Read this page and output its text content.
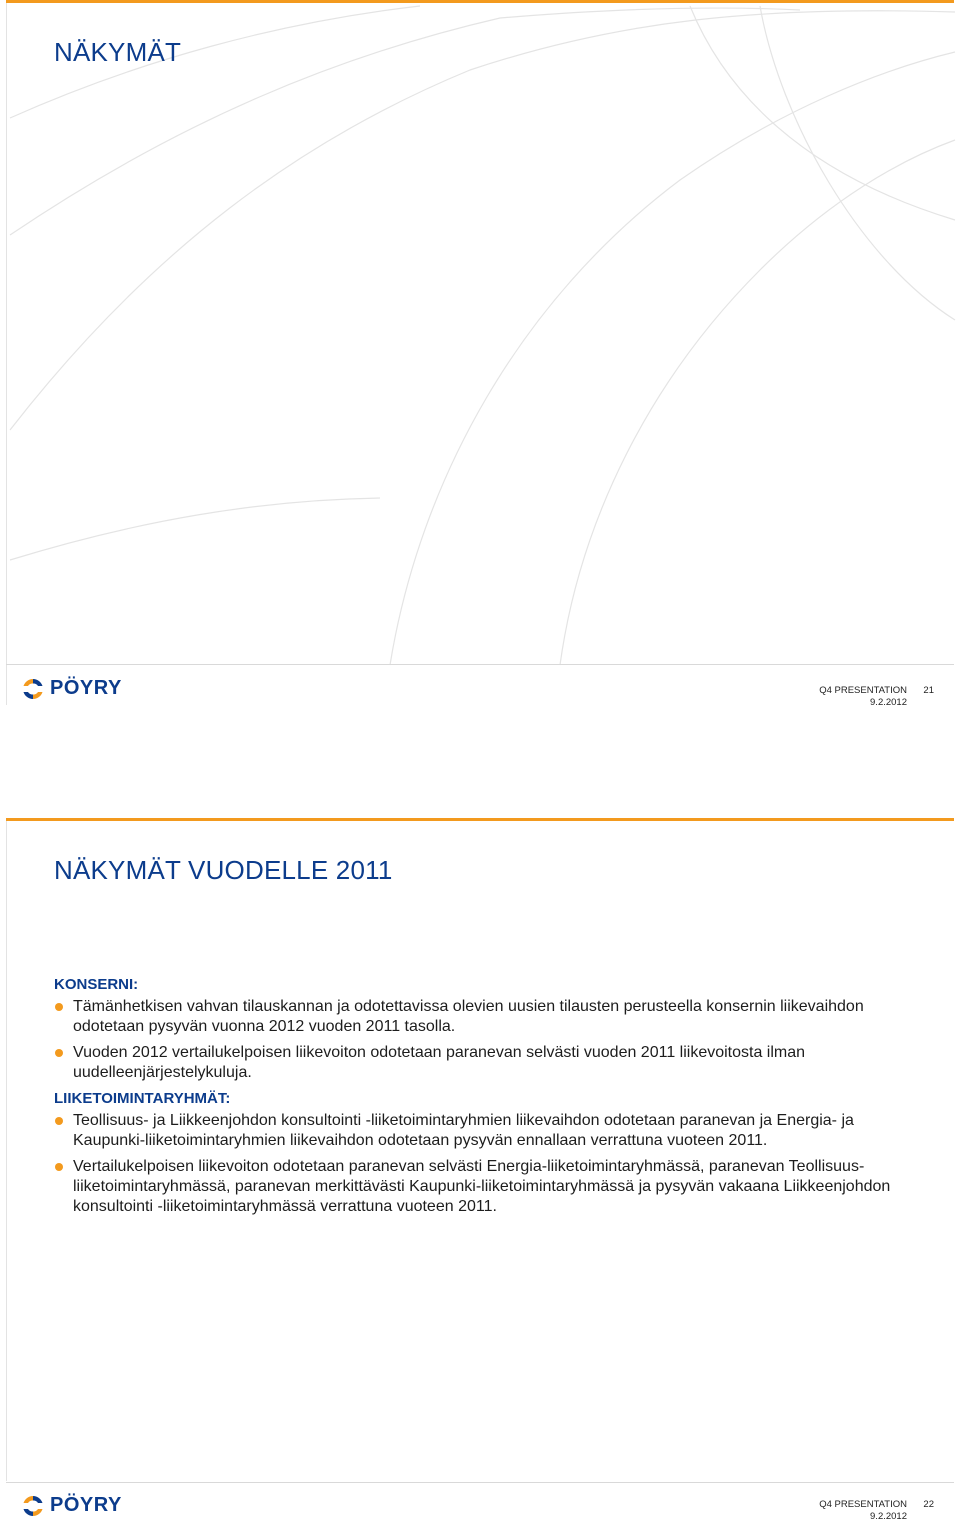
NÄKYMÄT
PÖYRY	Q4 PRESENTATION
9.2.2012
21
NÄKYMÄT VUODELLE 2011
KONSERNI:
Tämänhetkisen vahvan tilauskannan ja odotettavissa olevien uusien tilausten perusteella konsernin liikevaihdon odotetaan pysyvän vuonna 2012 vuoden 2011 tasolla.
Vuoden 2012 vertailukelpoisen liikevoiton odotetaan paranevan selvästi vuoden 2011 liikevoitosta ilman uudelleenjärjestelykuluja.
LIIKETOIMINTARYHMÄT:
Teollisuus- ja Liikkeenjohdon konsultointi -liiketoimintaryhmien liikevaihdon odotetaan paranevan ja Energia- ja Kaupunki-liiketoimintaryhmien liikevaihdon odotetaan pysyvän ennallaan verrattuna vuoteen 2011.
Vertailukelpoisen liikevoiton odotetaan paranevan selvästi Energia-liiketoimintaryhmässä, paranevan Teollisuus-liiketoimintaryhmässä, paranevan merkittävästi Kaupunki-liiketoimintaryhmässä ja pysyvän vakaana Liikkeenjohdon konsultointi -liiketoimintaryhmässä verrattuna vuoteen 2011.
PÖYRY	Q4 PRESENTATION
9.2.2012
22
